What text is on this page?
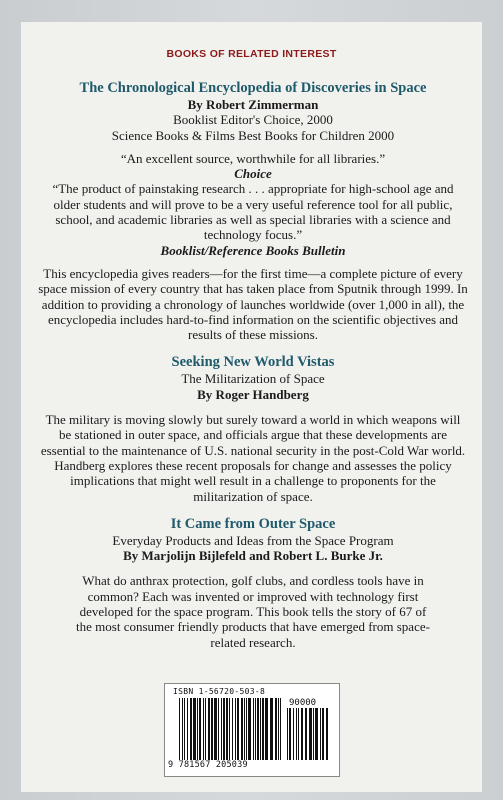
BOOKS OF RELATED INTEREST
The Chronological Encyclopedia of Discoveries in Space
By Robert Zimmerman
Booklist Editor's Choice, 2000
Science Books & Films Best Books for Children 2000
“An excellent source, worthwhile for all libraries.”
Choice
“The product of painstaking research . . . appropriate for high-school age and older students and will prove to be a very useful reference tool for all public, school, and academic libraries as well as special libraries with a science and technology focus.”
Booklist/Reference Books Bulletin
This encyclopedia gives readers—for the first time—a complete picture of every space mission of every country that has taken place from Sputnik through 1999. In addition to providing a chronology of launches worldwide (over 1,000 in all), the encyclopedia includes hard-to-find information on the scientific objectives and results of these missions.
Seeking New World Vistas
The Militarization of Space
By Roger Handberg
The military is moving slowly but surely toward a world in which weapons will be stationed in outer space, and officials argue that these developments are essential to the maintenance of U.S. national security in the post-Cold War world. Handberg explores these recent proposals for change and assesses the policy implications that might well result in a challenge to proponents for the militarization of space.
It Came from Outer Space
Everyday Products and Ideas from the Space Program
By Marjolijn Bijlefeld and Robert L. Burke Jr.
What do anthrax protection, golf clubs, and cordless tools have in common? Each was invented or improved with technology first developed for the space program. This book tells the story of 67 of the most consumer friendly products that have emerged from space-related research.
ISBN 1-56720-503-8
90000
9 781567 205039
